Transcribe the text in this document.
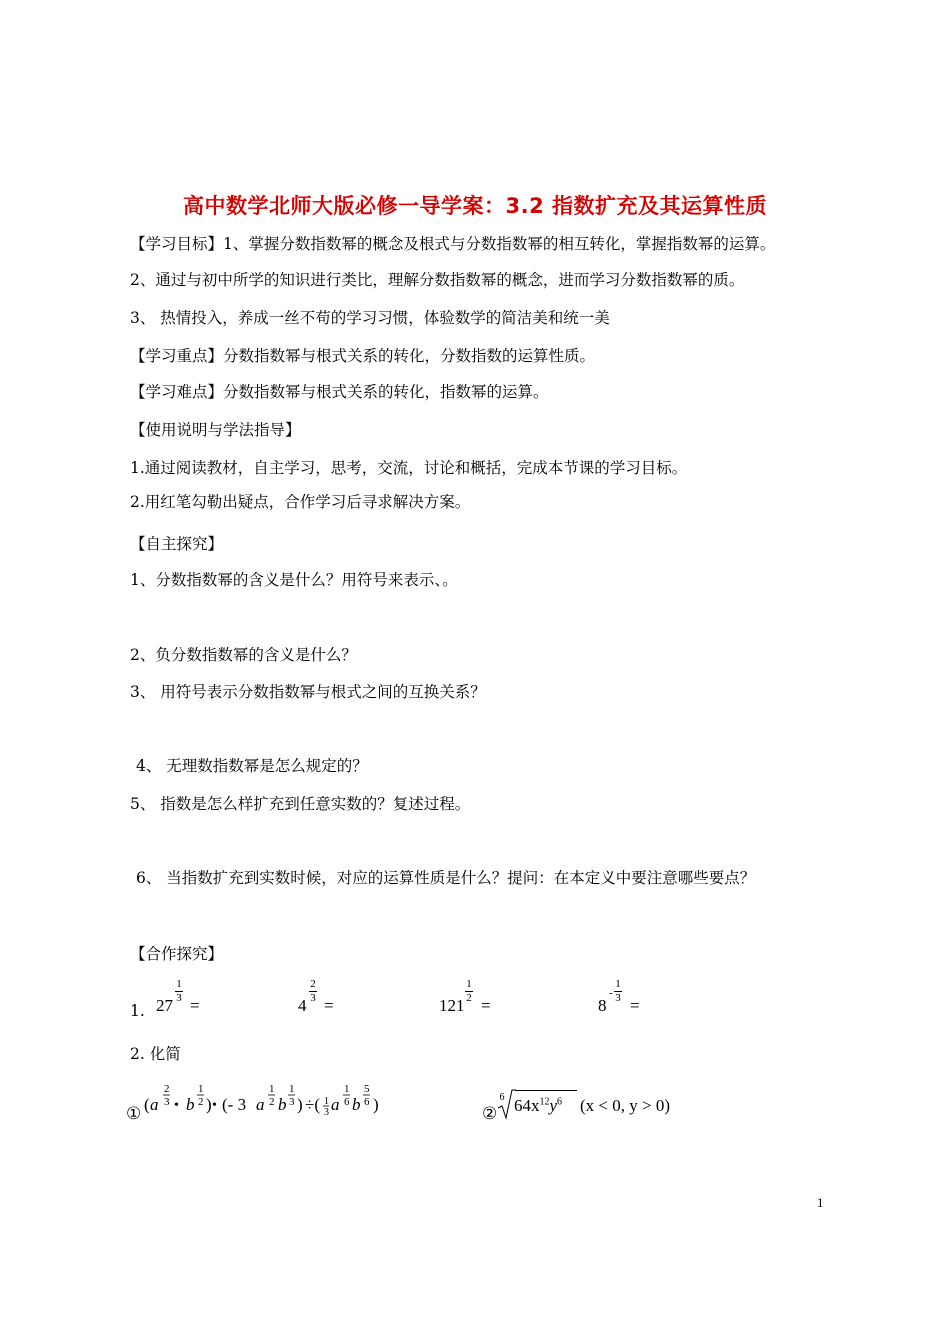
高中数学北师大版必修一导学案：3.2 指数扩充及其运算性质
【学习目标】1、掌握分数指数幂的概念及根式与分数指数幂的相互转化，掌握指数幂的运算。
2、通过与初中所学的知识进行类比，理解分数指数幂的概念，进而学习分数指数幂的质。
3、 热情投入，养成一丝不苟的学习习惯，体验数学的简洁美和统一美
【学习重点】分数指数幂与根式关系的转化，分数指数的运算性质。
【学习难点】分数指数幂与根式关系的转化，指数幂的运算。
【使用说明与学法指导】
1.通过阅读教材，自主学习，思考，交流，讨论和概括，完成本节课的学习目标。
2.用红笔勾勒出疑点，合作学习后寻求解决方案。
【自主探究】
1、分数指数幂的含义是什么？用符号来表示、。
2、负分数指数幂的含义是什么？
3、 用符号表示分数指数幂与根式之间的互换关系？
4、 无理数指数幂是怎么规定的？
5、 指数是怎么样扩充到任意实数的？复述过程。
6、 当指数扩充到实数时候，对应的运算性质是什么？提问：在本定义中要注意哪些要点？
【合作探究】
1. 27
1
3 =	4
2
3 =	121
1
2 =	8
-
1
3 =
2. 化简
① ( a
2
3 • b
1
2 ) • (- 3 a
1
2 b
1
3 ) ÷( 1
3 a
1
6 b
5
6 )	②
6 $64x^{12}y^6$ (x < 0, y > 0)
1
